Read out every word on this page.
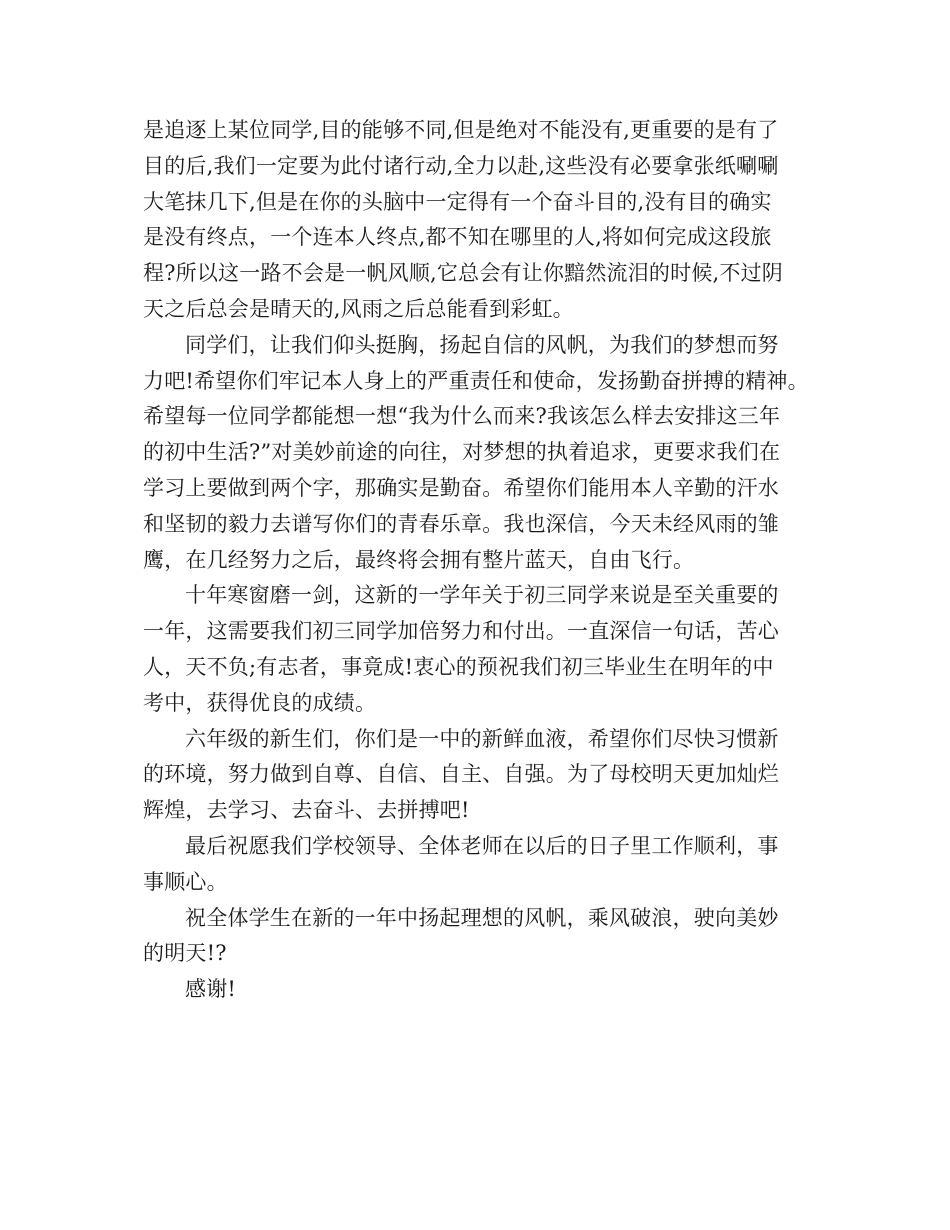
是追逐上某位同学,目的能够不同,但是绝对不能没有,更重要的是有了
目的后,我们一定要为此付诸行动,全力以赴,这些没有必要拿张纸唰唰
大笔抹几下,但是在你的头脑中一定得有一个奋斗目的,没有目的确实
是没有终点，一个连本人终点,都不知在哪里的人,将如何完成这段旅
程?所以这一路不会是一帆风顺,它总会有让你黯然流泪的时候,不过阴
天之后总会是晴天的,风雨之后总能看到彩虹。
同学们，让我们仰头挺胸，扬起自信的风帆，为我们的梦想而努
力吧!希望你们牢记本人身上的严重责任和使命，发扬勤奋拼搏的精神。
希望每一位同学都能想一想“我为什么而来?我该怎么样去安排这三年
的初中生活?”对美妙前途的向往，对梦想的执着追求，更要求我们在
学习上要做到两个字，那确实是勤奋。希望你们能用本人辛勤的汗水
和坚韧的毅力去谱写你们的青春乐章。我也深信，今天未经风雨的雏
鹰，在几经努力之后，最终将会拥有整片蓝天，自由飞行。
十年寒窗磨一剑，这新的一学年关于初三同学来说是至关重要的
一年，这需要我们初三同学加倍努力和付出。一直深信一句话，苦心
人，天不负;有志者，事竟成!衷心的预祝我们初三毕业生在明年的中
考中，获得优良的成绩。
六年级的新生们，你们是一中的新鲜血液，希望你们尽快习惯新
的环境，努力做到自尊、自信、自主、自强。为了母校明天更加灿烂
辉煌，去学习、去奋斗、去拼搏吧!
最后祝愿我们学校领导、全体老师在以后的日子里工作顺利，事
事顺心。
祝全体学生在新的一年中扬起理想的风帆，乘风破浪，驶向美妙
的明天!?
感谢!
